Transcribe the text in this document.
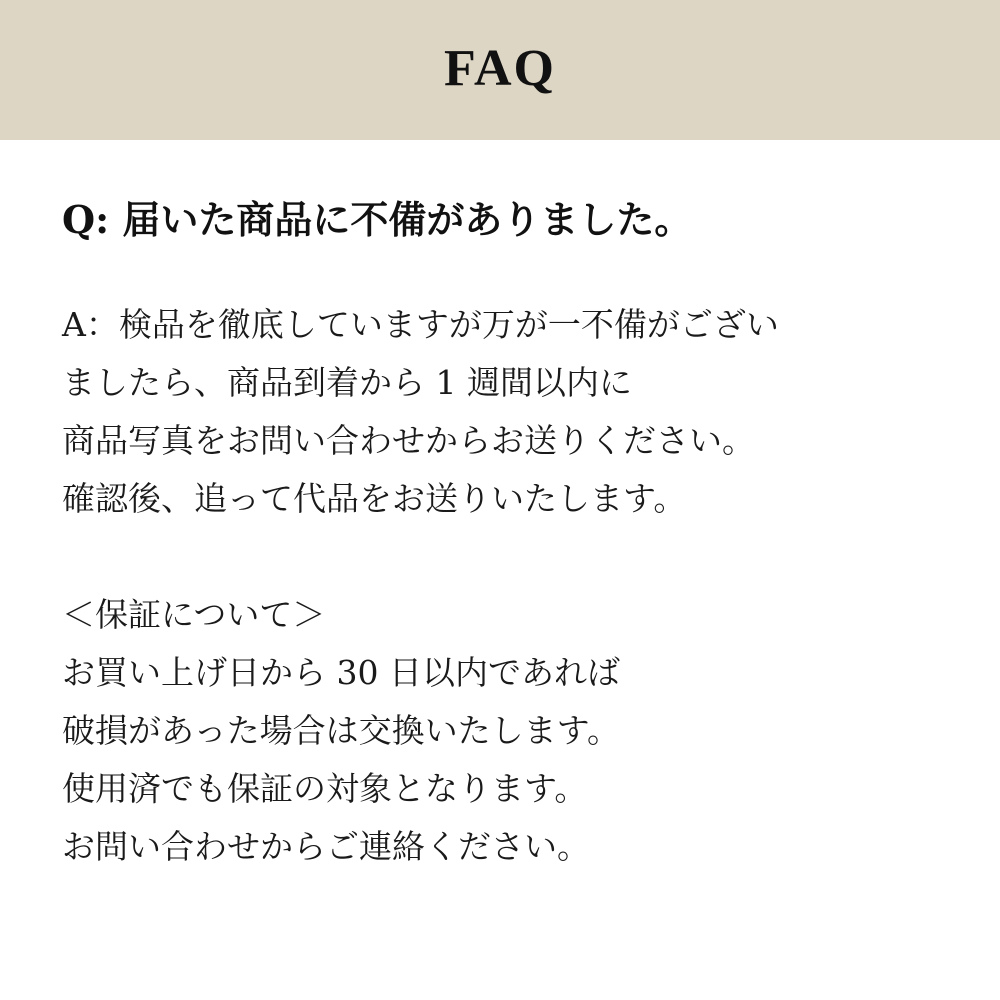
FAQ
Q: 届いた商品に不備がありました。
A：検品を徹底していますが万が一不備がござい
ましたら、商品到着から 1 週間以内に
商品写真をお問い合わせからお送りください。
確認後、追って代品をお送りいたします。
＜保証について＞
お買い上げ日から 30 日以内であれば
破損があった場合は交換いたします。
使用済でも保証の対象となります。
お問い合わせからご連絡ください。
